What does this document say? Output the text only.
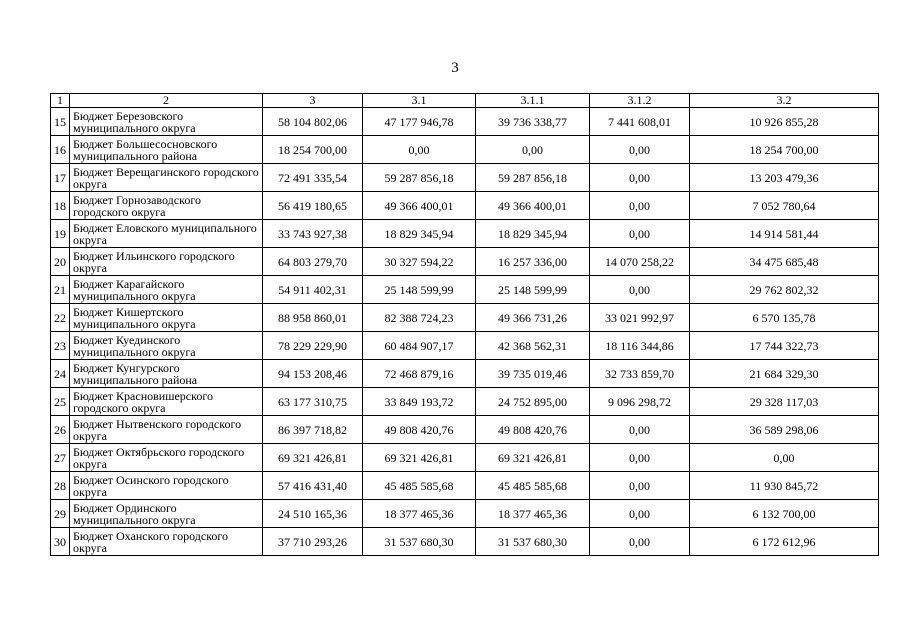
3
1	2	3	3.1	3.1.1	3.1.2	3.2
15	Бюджет Березовского муниципального округа	58 104 802,06	47 177 946,78	39 736 338,77	7 441 608,01	10 926 855,28
16	Бюджет Большесосновского муниципального района	18 254 700,00	0,00	0,00	0,00	18 254 700,00
17	Бюджет Верещагинского городского округа	72 491 335,54	59 287 856,18	59 287 856,18	0,00	13 203 479,36
18	Бюджет Горнозаводского городского округа	56 419 180,65	49 366 400,01	49 366 400,01	0,00	7 052 780,64
19	Бюджет Еловского муниципального округа	33 743 927,38	18 829 345,94	18 829 345,94	0,00	14 914 581,44
20	Бюджет Ильинского городского округа	64 803 279,70	30 327 594,22	16 257 336,00	14 070 258,22	34 475 685,48
21	Бюджет Карагайского муниципального округа	54 911 402,31	25 148 599,99	25 148 599,99	0,00	29 762 802,32
22	Бюджет Кишертского муниципального округа	88 958 860,01	82 388 724,23	49 366 731,26	33 021 992,97	6 570 135,78
23	Бюджет Куединского муниципального округа	78 229 229,90	60 484 907,17	42 368 562,31	18 116 344,86	17 744 322,73
24	Бюджет Кунгурского муниципального района	94 153 208,46	72 468 879,16	39 735 019,46	32 733 859,70	21 684 329,30
25	Бюджет Красновишерского городского округа	63 177 310,75	33 849 193,72	24 752 895,00	9 096 298,72	29 328 117,03
26	Бюджет Нытвенского городского округа	86 397 718,82	49 808 420,76	49 808 420,76	0,00	36 589 298,06
27	Бюджет Октябрьского городского округа	69 321 426,81	69 321 426,81	69 321 426,81	0,00	0,00
28	Бюджет Осинского городского округа	57 416 431,40	45 485 585,68	45 485 585,68	0,00	11 930 845,72
29	Бюджет Ординского муниципального округа	24 510 165,36	18 377 465,36	18 377 465,36	0,00	6 132 700,00
30	Бюджет Оханского городского округа	37 710 293,26	31 537 680,30	31 537 680,30	0,00	6 172 612,96
